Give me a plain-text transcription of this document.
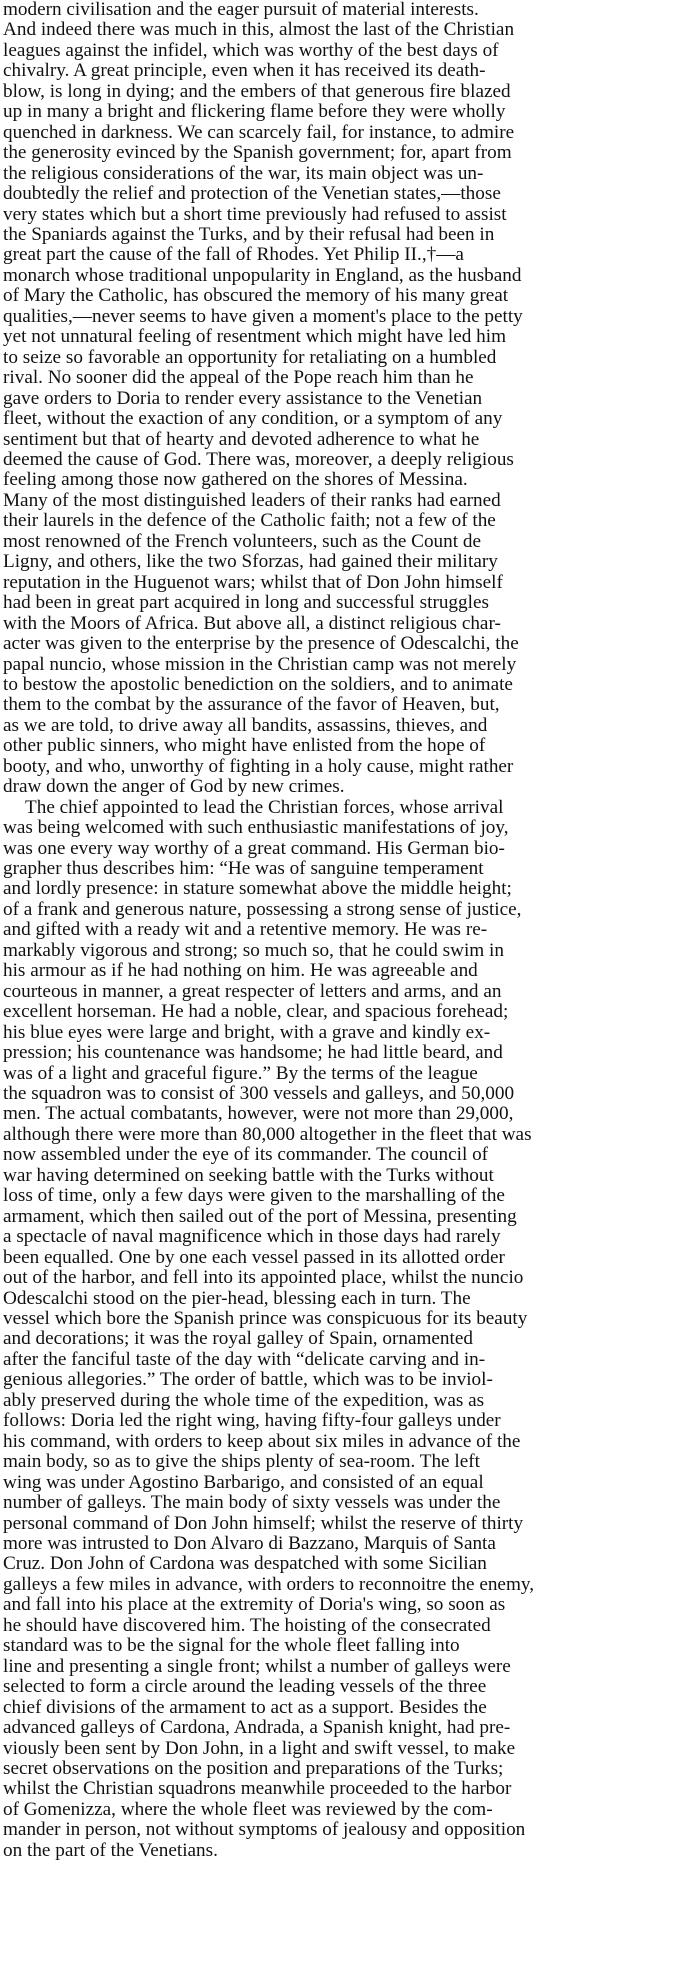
modern civilisation and the eager pursuit of material interests.
And indeed there was much in this, almost the last of the Christian
leagues against the infidel, which was worthy of the best days of
chivalry. A great principle, even when it has received its death-
blow, is long in dying; and the embers of that generous fire blazed
up in many a bright and flickering flame before they were wholly
quenched in darkness. We can scarcely fail, for instance, to admire
the generosity evinced by the Spanish government; for, apart from
the religious considerations of the war, its main object was un-
doubtedly the relief and protection of the Venetian states,—those
very states which but a short time previously had refused to assist
the Spaniards against the Turks, and by their refusal had been in
great part the cause of the fall of Rhodes. Yet Philip II.,†—a
monarch whose traditional unpopularity in England, as the husband
of Mary the Catholic, has obscured the memory of his many great
qualities,—never seems to have given a moment's place to the petty
yet not unnatural feeling of resentment which might have led him
to seize so favorable an opportunity for retaliating on a humbled
rival. No sooner did the appeal of the Pope reach him than he
gave orders to Doria to render every assistance to the Venetian
fleet, without the exaction of any condition, or a symptom of any
sentiment but that of hearty and devoted adherence to what he
deemed the cause of God. There was, moreover, a deeply religious
feeling among those now gathered on the shores of Messina.
Many of the most distinguished leaders of their ranks had earned
their laurels in the defence of the Catholic faith; not a few of the
most renowned of the French volunteers, such as the Count de
Ligny, and others, like the two Sforzas, had gained their military
reputation in the Huguenot wars; whilst that of Don John himself
had been in great part acquired in long and successful struggles
with the Moors of Africa. But above all, a distinct religious char-
acter was given to the enterprise by the presence of Odescalchi, the
papal nuncio, whose mission in the Christian camp was not merely
to bestow the apostolic benediction on the soldiers, and to animate
them to the combat by the assurance of the favor of Heaven, but,
as we are told, to drive away all bandits, assassins, thieves, and
other public sinners, who might have enlisted from the hope of
booty, and who, unworthy of fighting in a holy cause, might rather
draw down the anger of God by new crimes.

The chief appointed to lead the Christian forces, whose arrival
was being welcomed with such enthusiastic manifestations of joy,
was one every way worthy of a great command. His German bio-
grapher thus describes him: “He was of sanguine temperament
and lordly presence: in stature somewhat above the middle height;
of a frank and generous nature, possessing a strong sense of justice,
and gifted with a ready wit and a retentive memory. He was re-
markably vigorous and strong; so much so, that he could swim in
his armour as if he had nothing on him. He was agreeable and
courteous in manner, a great respecter of letters and arms, and an
excellent horseman. He had a noble, clear, and spacious forehead;
his blue eyes were large and bright, with a grave and kindly ex-
pression; his countenance was handsome; he had little beard, and
was of a light and graceful figure.” By the terms of the league
the squadron was to consist of 300 vessels and galleys, and 50,000
men. The actual combatants, however, were not more than 29,000,
although there were more than 80,000 altogether in the fleet that was
now assembled under the eye of its commander. The council of
war having determined on seeking battle with the Turks without
loss of time, only a few days were given to the marshalling of the
armament, which then sailed out of the port of Messina, presenting
a spectacle of naval magnificence which in those days had rarely
been equalled. One by one each vessel passed in its allotted order
out of the harbor, and fell into its appointed place, whilst the nuncio
Odescalchi stood on the pier-head, blessing each in turn. The
vessel which bore the Spanish prince was conspicuous for its beauty
and decorations; it was the royal galley of Spain, ornamented
after the fanciful taste of the day with “delicate carving and in-
genious allegories.” The order of battle, which was to be inviol-
ably preserved during the whole time of the expedition, was as
follows: Doria led the right wing, having fifty-four galleys under
his command, with orders to keep about six miles in advance of the
main body, so as to give the ships plenty of sea-room. The left
wing was under Agostino Barbarigo, and consisted of an equal
number of galleys. The main body of sixty vessels was under the
personal command of Don John himself; whilst the reserve of thirty
more was intrusted to Don Alvaro di Bazzano, Marquis of Santa
Cruz. Don John of Cardona was despatched with some Sicilian
galleys a few miles in advance, with orders to reconnoitre the enemy,
and fall into his place at the extremity of Doria's wing, so soon as
he should have discovered him. The hoisting of the consecrated
standard was to be the signal for the whole fleet falling into
line and presenting a single front; whilst a number of galleys were
selected to form a circle around the leading vessels of the three
chief divisions of the armament to act as a support. Besides the
advanced galleys of Cardona, Andrada, a Spanish knight, had pre-
viously been sent by Don John, in a light and swift vessel, to make
secret observations on the position and preparations of the Turks;
whilst the Christian squadrons meanwhile proceeded to the harbor
of Gomenizza, where the whole fleet was reviewed by the com-
mander in person, not without symptoms of jealousy and opposition
on the part of the Venetians.
